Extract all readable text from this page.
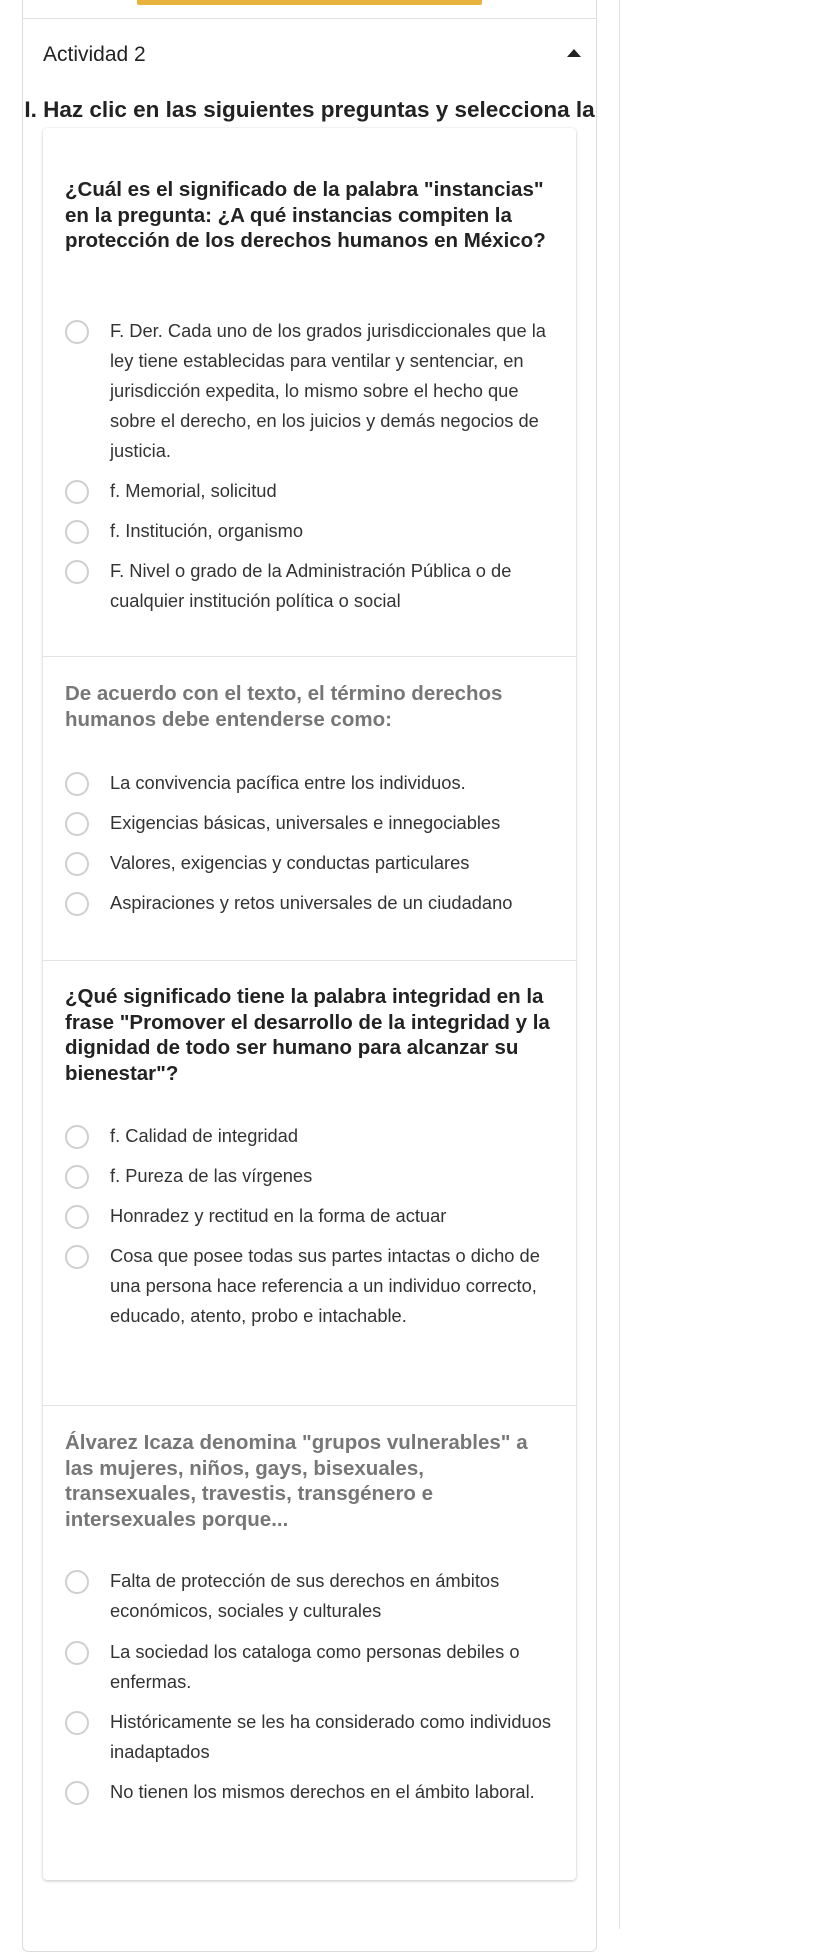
Actividad 2
I. Haz clic en las siguientes preguntas y selecciona la

¿Cuál es el significado de la palabra "instancias" en la pregunta: ¿A qué instancias compiten la protección de los derechos humanos en México?

F. Der. Cada uno de los grados jurisdiccionales que la ley tiene establecidas para ventilar y sentenciar, en jurisdicción expedita, lo mismo sobre el hecho que sobre el derecho, en los juicios y demás negocios de justicia.
f. Memorial, solicitud
f. Institución, organismo
F. Nivel o grado de la Administración Pública o de cualquier institución política o social

De acuerdo con el texto, el término derechos humanos debe entenderse como:

La convivencia pacífica entre los individuos.
Exigencias básicas, universales e innegociables
Valores, exigencias y conductas particulares
Aspiraciones y retos universales de un ciudadano

¿Qué significado tiene la palabra integridad en la frase "Promover el desarrollo de la integridad y la dignidad de todo ser humano para alcanzar su bienestar"?

f. Calidad de integridad
f. Pureza de las vírgenes
Honradez y rectitud en la forma de actuar
Cosa que posee todas sus partes intactas o dicho de una persona hace referencia a un individuo correcto, educado, atento, probo e intachable.

Álvarez Icaza denomina "grupos vulnerables" a las mujeres, niños, gays, bisexuales, transexuales, travestis, transgénero e intersexuales porque...

Falta de protección de sus derechos en ámbitos económicos, sociales y culturales
La sociedad los cataloga como personas debiles o enfermas.
Históricamente se les ha considerado como individuos inadaptados
No tienen los mismos derechos en el ámbito laboral.
